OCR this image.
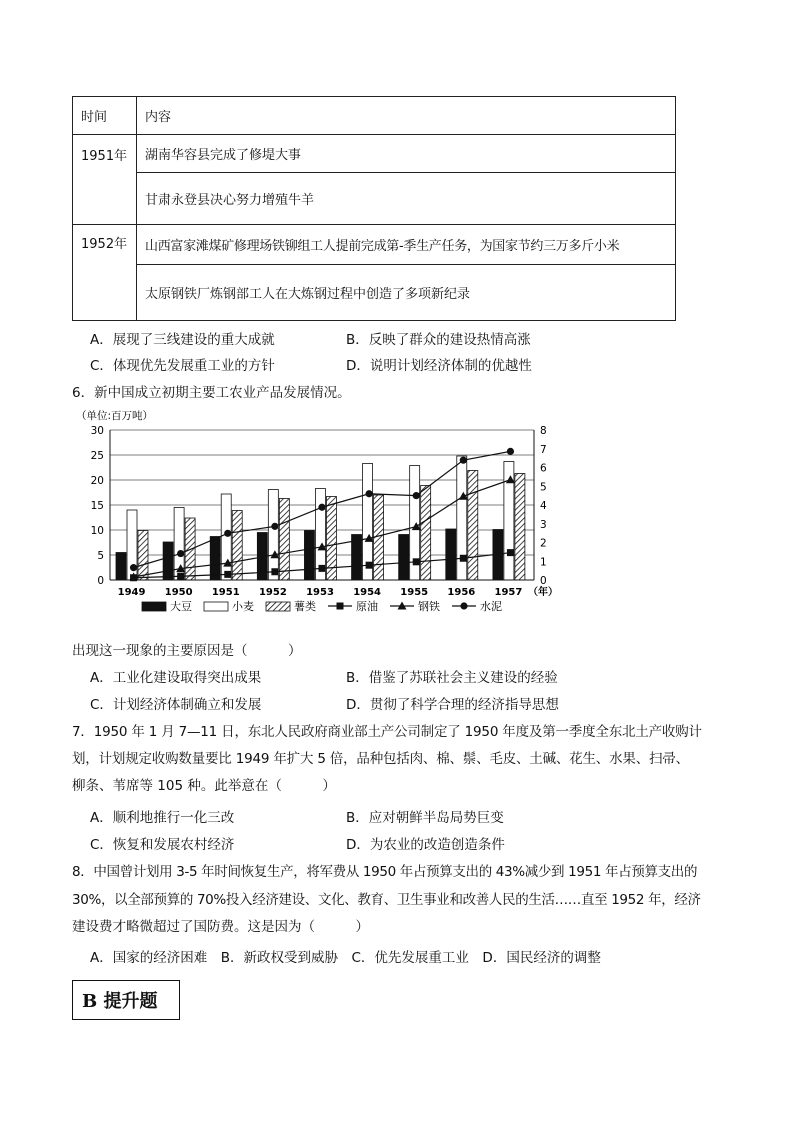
时间	内容
1951年	湖南华容县完成了修堤大事
	甘肃永登县决心努力增殖牛羊
1952年	山西富家滩煤矿修理场铁铆组工人提前完成第-季生产任务，为国家节约三万多斤小米
	太原钢铁厂炼钢部工人在大炼钢过程中创造了多项新纪录
A．展现了三线建设的重大成就	B．反映了群众的建设热情高涨
C．体现优先发展重工业的方针	D．说明计划经济体制的优越性
6．新中国成立初期主要工农业产品发展情况。
（单位:百万吨）
0
5
10
15
20
25
30
0
1
2
3
4
5
6
7
8
1949 1950 1951 1952 1953 1954 1955 1956 1957 （年）
大豆	小麦	薯类	原油	钢铁	水泥
出现这一现象的主要原因是（　　　）
A．工业化建设取得突出成果	B．借鉴了苏联社会主义建设的经验
C．计划经济体制确立和发展	D．贯彻了科学合理的经济指导思想
7．1950 年 1 月 7—11 日，东北人民政府商业部土产公司制定了 1950 年度及第一季度全东北土产收购计
划，计划规定收购数量要比 1949 年扩大 5 倍，品种包括肉、棉、鬃、毛皮、土碱、花生、水果、扫帚、
柳条、苇席等 105 种。此举意在（　　　）
A．顺利地推行一化三改	B．应对朝鲜半岛局势巨变
C．恢复和发展农村经济	D．为农业的改造创造条件
8．中国曾计划用 3-5 年时间恢复生产，将军费从 1950 年占预算支出的 43%减少到 1951 年占预算支出的
30%，以全部预算的 70%投入经济建设、文化、教育、卫生事业和改善人民的生活……直至 1952 年，经济
建设费才略微超过了国防费。这是因为（　　　）
A．国家的经济困难　B．新政权受到威胁　C．优先发展重工业　D．国民经济的调整
B 提升题
